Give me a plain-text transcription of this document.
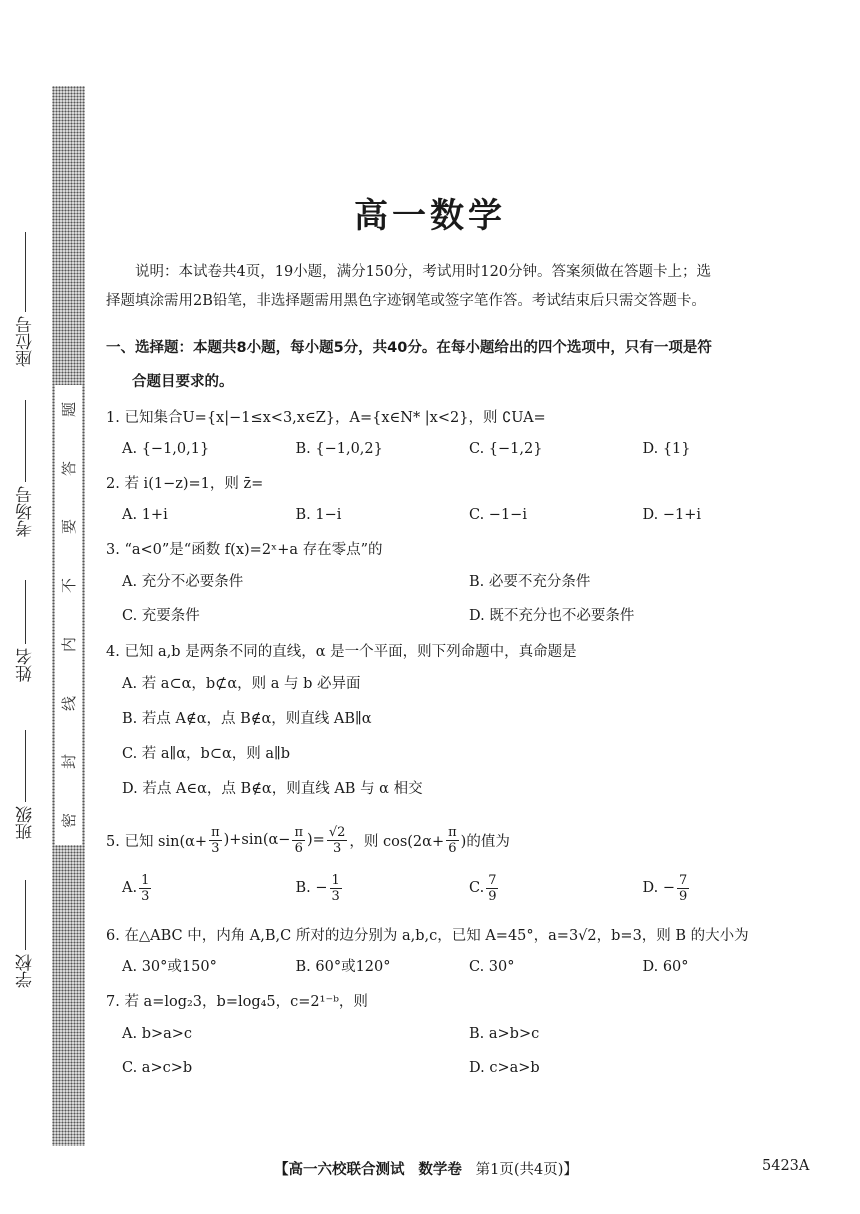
题
答
要
不
内
线
封
密
座位号
考场号
姓名
班级
学校
高一数学

说明：本试卷共4页，19小题，满分150分，考试用时120分钟。答案须做在答题卡上；选

择题填涂需用2B铅笔，非选择题需用黑色字迹钢笔或签字笔作答。考试结束后只需交答题卡。

一、选择题：本题共8小题，每小题5分，共40分。在每小题给出的四个选项中，只有一项是符
合题目要求的。
1. 已知集合U={x|−1≤x<3,x∈Z}，A={x∈N* |x<2}，则 ∁UA=
A. {−1,0,1}	B. {−1,0,2}	C. {−1,2}	D. {1}
2. 若 i(1−z)=1，则 z̄=
A. 1+i	B. 1−i	C. −1−i	D. −1+i
3. “a<0”是“函数 f(x)=2ˣ+a 存在零点”的
A. 充分不必要条件	B. 必要不充分条件
C. 充要条件	D. 既不充分也不必要条件
4. 已知 a,b 是两条不同的直线，α 是一个平面，则下列命题中，真命题是
A. 若 a⊂α，b⊄α，则 a 与 b 必异面
B. 若点 A∉α，点 B∉α，则直线 AB∥α
C. 若 a∥α，b⊂α，则 a∥b
D. 若点 A∈α，点 B∉α，则直线 AB 与 α 相交
5. 已知 $\sin(\alpha+ \frac{\pi}{3} )+\sin(\alpha- \frac{\pi}{6}$ )= $\frac{√2}{3}$ ，则 $\cos(2\alpha+ \frac{\pi}{6}$ )的值为
A. $\frac{1}{3}$	B. − $\frac{1}{3}$	C. $\frac{7}{9}$	D. − $\frac{7}{9}$
6. 在△ABC 中，内角 A,B,C 所对的边分别为 a,b,c，已知 A=45°，a=3√2，b=3，则 B 的大小为
A. 30°或150°	B. 60°或120°	C. 30°	D. 60°
7. 若 a=log₂3，b=log₄5，c=2¹⁻ᵇ，则
A. b>a>c	B. a>b>c
C. a>c>b	D. c>a>b
【高一六校联合测试 数学卷 第1页(共4页)】	5423A
